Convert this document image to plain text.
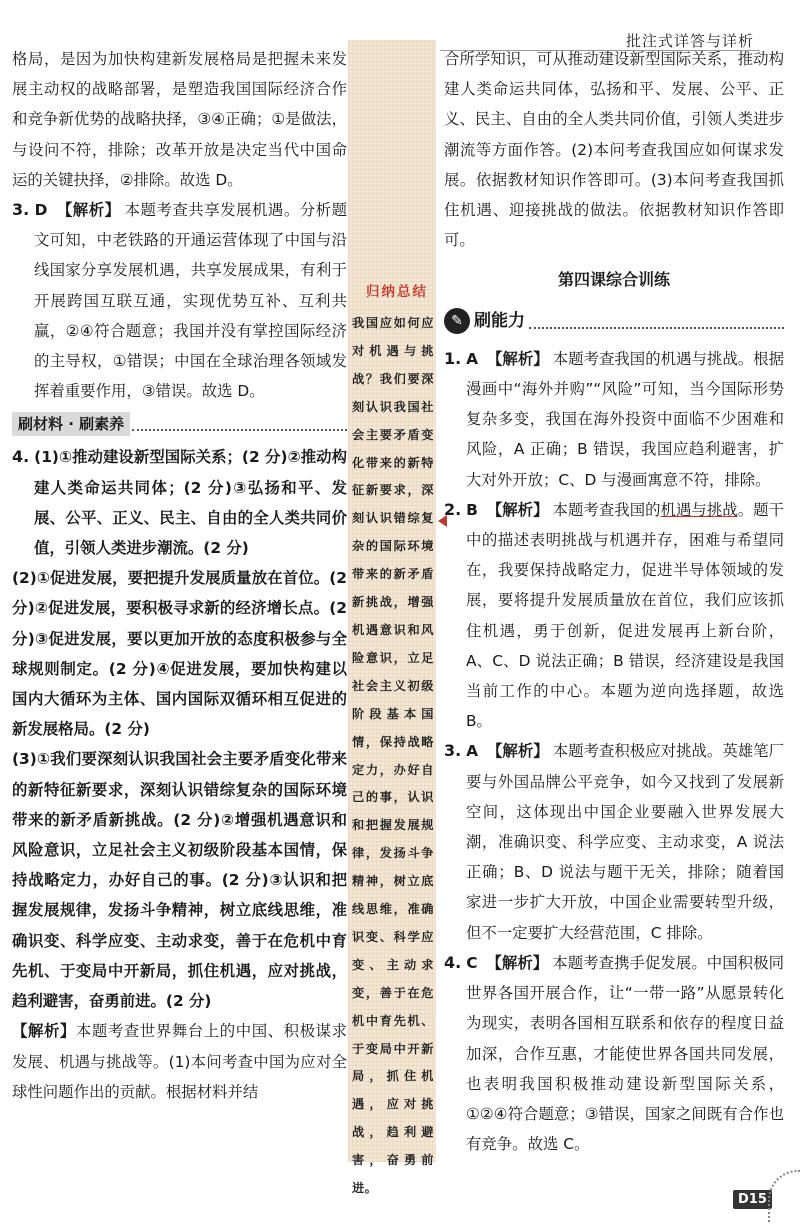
批注式详答与详析

格局，是因为加快构建新发展格局是把握未来发展主动权的战略部署，是塑造我国国际经济合作和竞争新优势的战略抉择，③④正确；①是做法，与设问不符，排除；改革开放是决定当代中国命运的关键抉择，②排除。故选 D。

3. D 【解析】 本题考查共享发展机遇。分析题文可知，中老铁路的开通运营体现了中国与沿线国家分享发展机遇，共享发展成果，有利于开展跨国互联互通，实现优势互补、互利共赢，②④符合题意；我国并没有掌控国际经济的主导权，①错误；中国在全球治理各领域发挥着重要作用，③错误。故选 D。

刷材料 · 刷素养

4. (1)①推动建设新型国际关系；(2 分)②推动构建人类命运共同体；(2 分)③弘扬和平、发展、公平、正义、民主、自由的全人类共同价值，引领人类进步潮流。(2 分)

(2)①促进发展，要把提升发展质量放在首位。(2 分)②促进发展，要积极寻求新的经济增长点。(2 分)③促进发展，要以更加开放的态度积极参与全球规则制定。(2 分)④促进发展，要加快构建以国内大循环为主体、国内国际双循环相互促进的新发展格局。(2 分)

(3)①我们要深刻认识我国社会主要矛盾变化带来的新特征新要求，深刻认识错综复杂的国际环境带来的新矛盾新挑战。(2 分)②增强机遇意识和风险意识，立足社会主义初级阶段基本国情，保持战略定力，办好自己的事。(2 分)③认识和把握发展规律，发扬斗争精神，树立底线思维，准确识变、科学应变、主动求变，善于在危机中育先机、于变局中开新局，抓住机遇，应对挑战，趋利避害，奋勇前进。(2 分)

【解析】本题考查世界舞台上的中国、积极谋求发展、机遇与挑战等。(1)本问考查中国为应对全球性问题作出的贡献。根据材料并结

归纳总结
我国应如何应对机遇与挑战？我们要深刻认识我国社会主要矛盾变化带来的新特征新要求，深刻认识错综复杂的国际环境带来的新矛盾新挑战，增强机遇意识和风险意识，立足社会主义初级阶段基本国情，保持战略定力，办好自己的事，认识和把握发展规律，发扬斗争精神，树立底线思维，准确识变、科学应变、主动求变，善于在危机中育先机、于变局中开新局，抓住机遇，应对挑战，趋利避害，奋勇前进。

合所学知识，可从推动建设新型国际关系，推动构建人类命运共同体，弘扬和平、发展、公平、正义、民主、自由的全人类共同价值，引领人类进步潮流等方面作答。(2)本问考查我国应如何谋求发展。依据教材知识作答即可。(3)本问考查我国抓住机遇、迎接挑战的做法。依据教材知识作答即可。

第四课综合训练
✎ 刷能力

1. A 【解析】 本题考查我国的机遇与挑战。根据漫画中“海外并购”“风险”可知，当今国际形势复杂多变，我国在海外投资中面临不少困难和风险，A 正确；B 错误，我国应趋利避害，扩大对外开放；C、D 与漫画寓意不符，排除。

2. B 【解析】 本题考查我国的机遇与挑战。题干中的描述表明挑战与机遇并存，困难与希望同在，我要保持战略定力，促进半导体领域的发展，要将提升发展质量放在首位，我们应该抓住机遇，勇于创新，促进发展再上新台阶，A、C、D 说法正确；B 错误，经济建设是我国当前工作的中心。本题为逆向选择题，故选 B。

3. A 【解析】 本题考查积极应对挑战。英雄笔厂要与外国品牌公平竞争，如今又找到了发展新空间，这体现出中国企业要融入世界发展大潮，准确识变、科学应变、主动求变，A 说法正确；B、D 说法与题干无关，排除；随着国家进一步扩大开放，中国企业需要转型升级，但不一定要扩大经营范围，C 排除。

4. C 【解析】 本题考查携手促发展。中国积极同世界各国开展合作，让“一带一路”从愿景转化为现实，表明各国相互联系和依存的程度日益加深，合作互惠，才能使世界各国共同发展，也表明我国积极推动建设新型国际关系，①②④符合题意；③错误，国家之间既有合作也有竞争。故选 C。

D15
